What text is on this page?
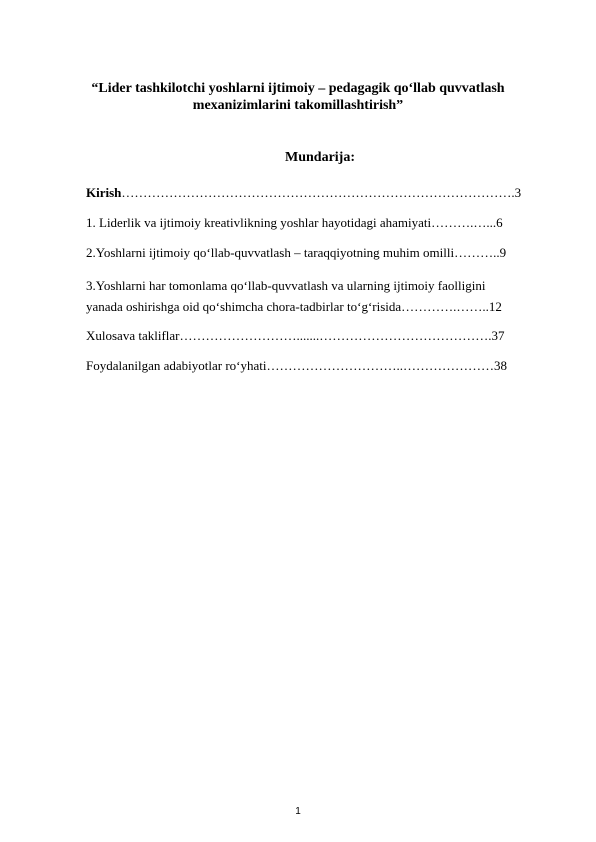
“Lider tashkilotchi yoshlarni ijtimoiy – pedagagik qo‘llab quvvatlash
mexanizimlarini takomillashtirish”
Mundarija:
Kirish……………………………………………………………………………….3
1. Liderlik va ijtimoiy kreativlikning yoshlar hayotidagi ahamiyati……….…...6
2.Yoshlarni ijtimoiy qo‘llab-quvvatlash – taraqqiyotning muhim omilli………..9
3.Yoshlarni har tomonlama qo‘llab-quvvatlash va ularning ijtimoiy faolligini
yanada oshirishga oid qo‘shimcha chora-tadbirlar to‘g‘risida………….……..12
Xulosava takliflar……………………….......………………………………….37
Foydalanilgan adabiyotlar ro‘yhati…………………………..…………………38
1
